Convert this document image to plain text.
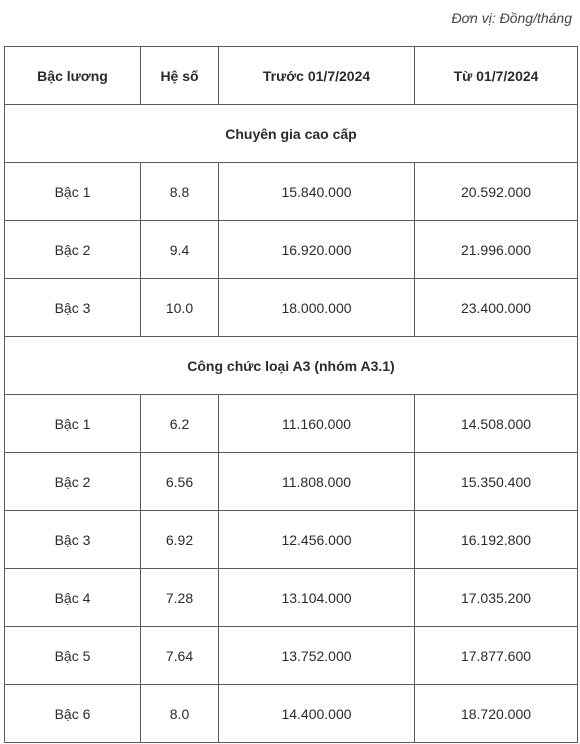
Đơn vị: Đồng/tháng
Bậc lương	Hệ số	Trước 01/7/2024	Từ 01/7/2024
Chuyên gia cao cấp			
Bậc 1	8.8	15.840.000	20.592.000
Bậc 2	9.4	16.920.000	21.996.000
Bậc 3	10.0	18.000.000	23.400.000
Công chức loại A3 (nhóm A3.1)			
Bậc 1	6.2	11.160.000	14.508.000
Bậc 2	6.56	11.808.000	15.350.400
Bậc 3	6.92	12.456.000	16.192.800
Bậc 4	7.28	13.104.000	17.035.200
Bậc 5	7.64	13.752.000	17.877.600
Bậc 6	8.0	14.400.000	18.720.000
